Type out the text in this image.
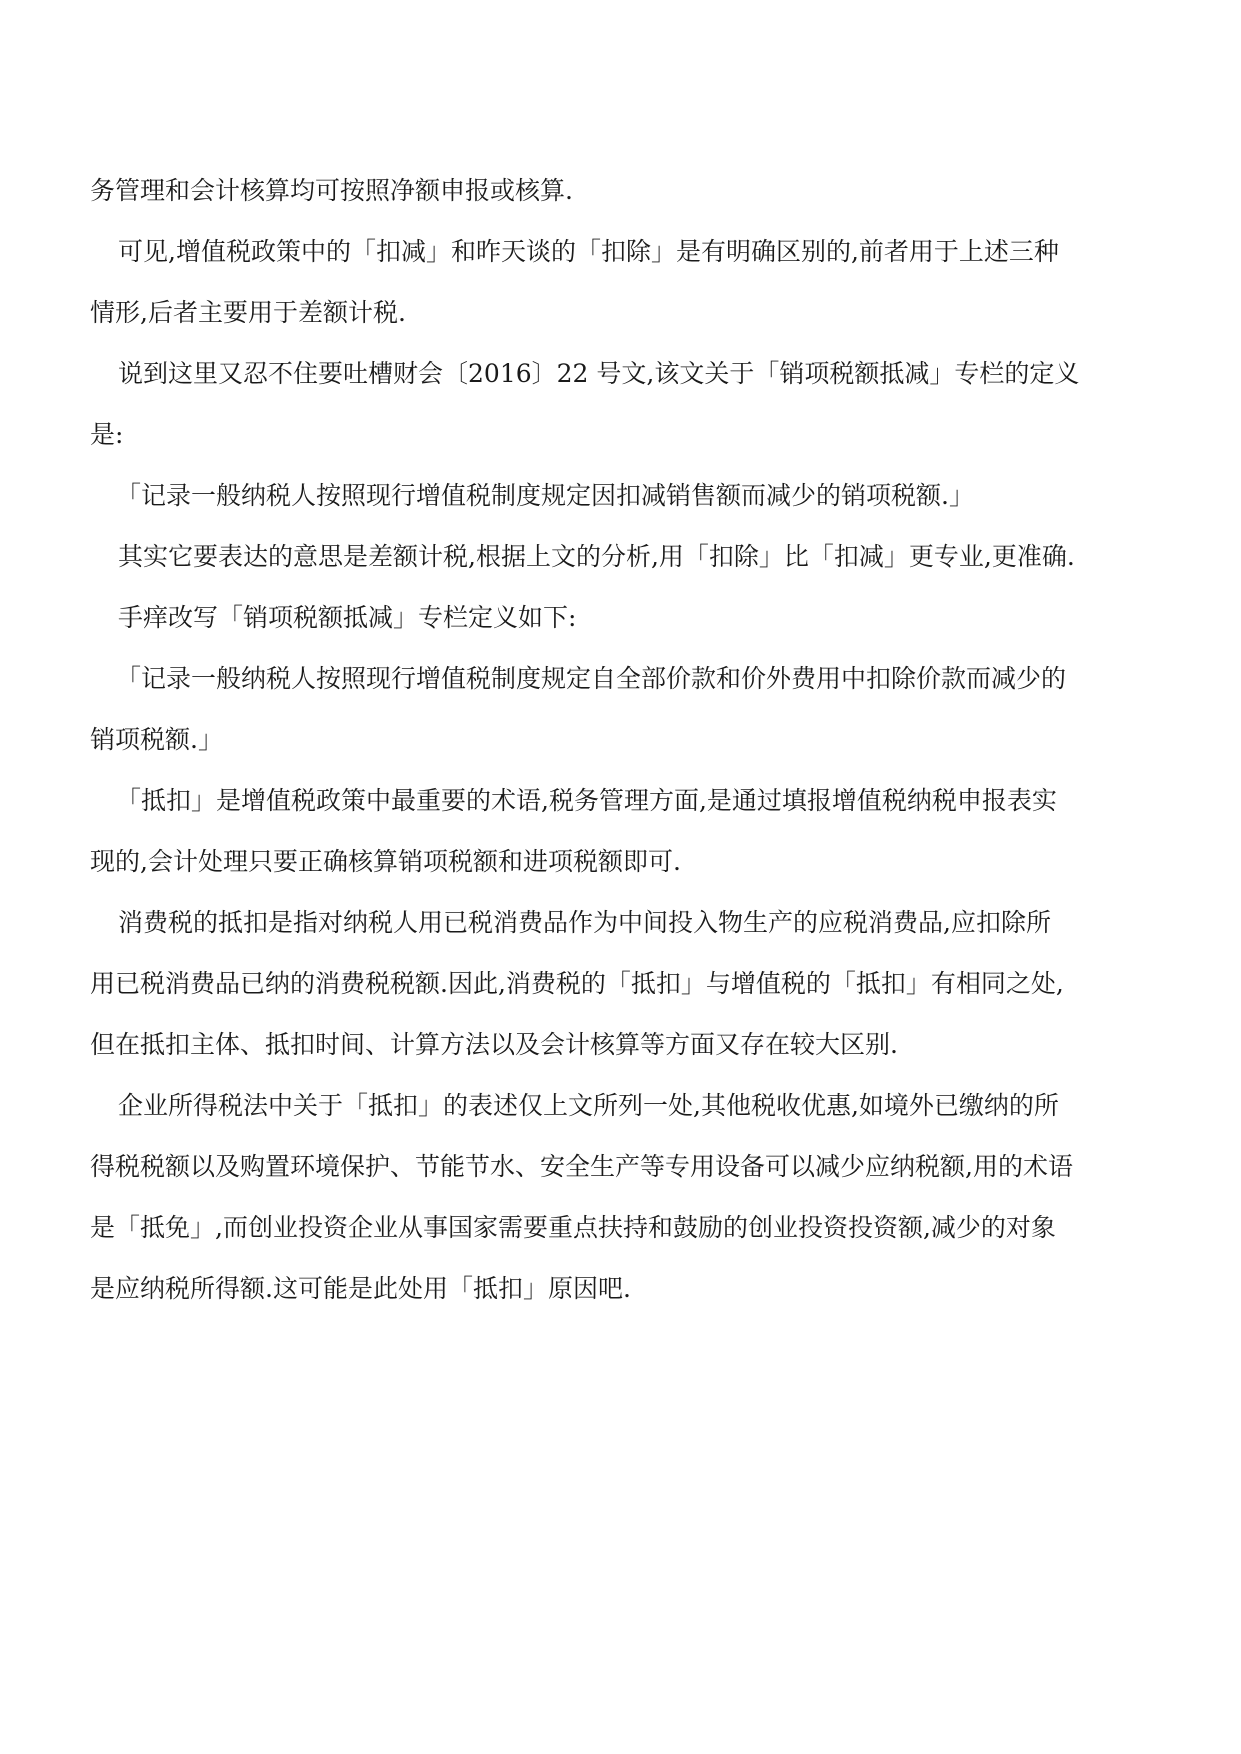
务管理和会计核算均可按照净额申报或核算.

可见,增值税政策中的「扣减」和昨天谈的「扣除」是有明确区别的,前者用于上述三种
情形,后者主要用于差额计税.

说到这里又忍不住要吐槽财会〔2016〕22 号文,该文关于「销项税额抵减」专栏的定义
是:

「记录一般纳税人按照现行增值税制度规定因扣减销售额而减少的销项税额.」

其实它要表达的意思是差额计税,根据上文的分析,用「扣除」比「扣减」更专业,更准确.

手痒改写「销项税额抵减」专栏定义如下:

「记录一般纳税人按照现行增值税制度规定自全部价款和价外费用中扣除价款而减少的
销项税额.」

「抵扣」是增值税政策中最重要的术语,税务管理方面,是通过填报增值税纳税申报表实
现的,会计处理只要正确核算销项税额和进项税额即可.

消费税的抵扣是指对纳税人用已税消费品作为中间投入物生产的应税消费品,应扣除所
用已税消费品已纳的消费税税额.因此,消费税的「抵扣」与增值税的「抵扣」有相同之处,
但在抵扣主体、抵扣时间、计算方法以及会计核算等方面又存在较大区别.

企业所得税法中关于「抵扣」的表述仅上文所列一处,其他税收优惠,如境外已缴纳的所
得税税额以及购置环境保护、节能节水、安全生产等专用设备可以减少应纳税额,用的术语
是「抵免」,而创业投资企业从事国家需要重点扶持和鼓励的创业投资投资额,减少的对象
是应纳税所得额.这可能是此处用「抵扣」原因吧.
